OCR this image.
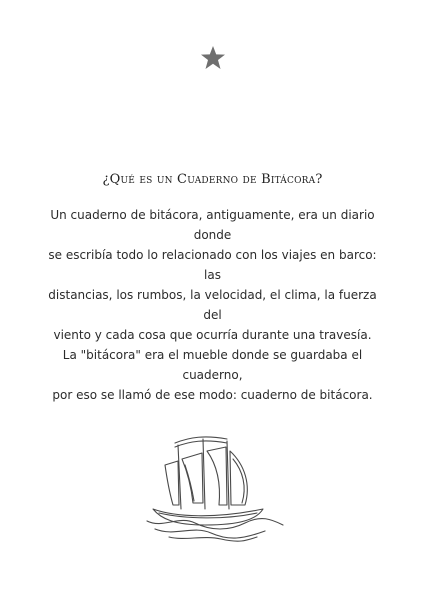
¿Qué es un Cuaderno de Bitácora?

Un cuaderno de bitácora, antiguamente, era un diario donde
se escribía todo lo relacionado con los viajes en barco: las
distancias, los rumbos, la velocidad, el clima, la fuerza del
viento y cada cosa que ocurría durante una travesía.
La "bitácora" era el mueble donde se guardaba el cuaderno,
por eso se llamó de ese modo: cuaderno de bitácora.
